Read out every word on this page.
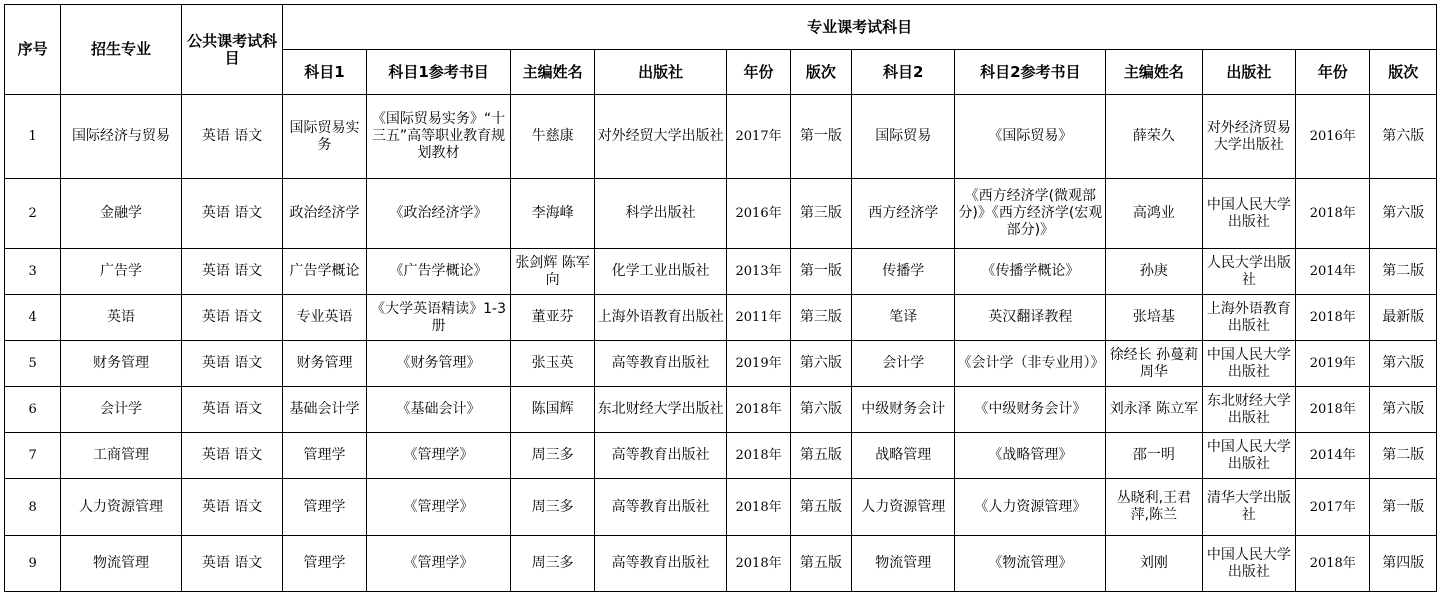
序号	招生专业	公共课考试科目	专业课考试科目											
			科目1	科目1参考书目	主编姓名	出版社	年份	版次	科目2	科目2参考书目	主编姓名	出版社	年份	版次
1	国际经济与贸易	英语 语文	国际贸易实务	《国际贸易实务》“十三五”高等职业教育规划教材	牛慈康	对外经贸大学出版社	2017年	第一版	国际贸易	《国际贸易》	薛荣久	对外经济贸易大学出版社	2016年	第六版
2	金融学	英语 语文	政治经济学	《政治经济学》	李海峰	科学出版社	2016年	第三版	西方经济学	《西方经济学(微观部分)》《西方经济学(宏观部分)》	高鸿业	中国人民大学出版社	2018年	第六版
3	广告学	英语 语文	广告学概论	《广告学概论》	张剑辉 陈军向	化学工业出版社	2013年	第一版	传播学	《传播学概论》	孙庚	人民大学出版社	2014年	第二版
4	英语	英语 语文	专业英语	《大学英语精读》1-3册	董亚芬	上海外语教育出版社	2011年	第三版	笔译	英汉翻译教程	张培基	上海外语教育出版社	2018年	最新版
5	财务管理	英语 语文	财务管理	《财务管理》	张玉英	高等教育出版社	2019年	第六版	会计学	《会计学（非专业用）》	徐经长 孙蔓莉 周华	中国人民大学出版社	2019年	第六版
6	会计学	英语 语文	基础会计学	《基础会计》	陈国辉	东北财经大学出版社	2018年	第六版	中级财务会计	《中级财务会计》	刘永泽 陈立军	东北财经大学出版社	2018年	第六版
7	工商管理	英语 语文	管理学	《管理学》	周三多	高等教育出版社	2018年	第五版	战略管理	《战略管理》	邵一明	中国人民大学出版社	2014年	第二版
8	人力资源管理	英语 语文	管理学	《管理学》	周三多	高等教育出版社	2018年	第五版	人力资源管理	《人力资源管理》	丛晓利,王君萍,陈兰	清华大学出版社	2017年	第一版
9	物流管理	英语 语文	管理学	《管理学》	周三多	高等教育出版社	2018年	第五版	物流管理	《物流管理》	刘刚	中国人民大学出版社	2018年	第四版
